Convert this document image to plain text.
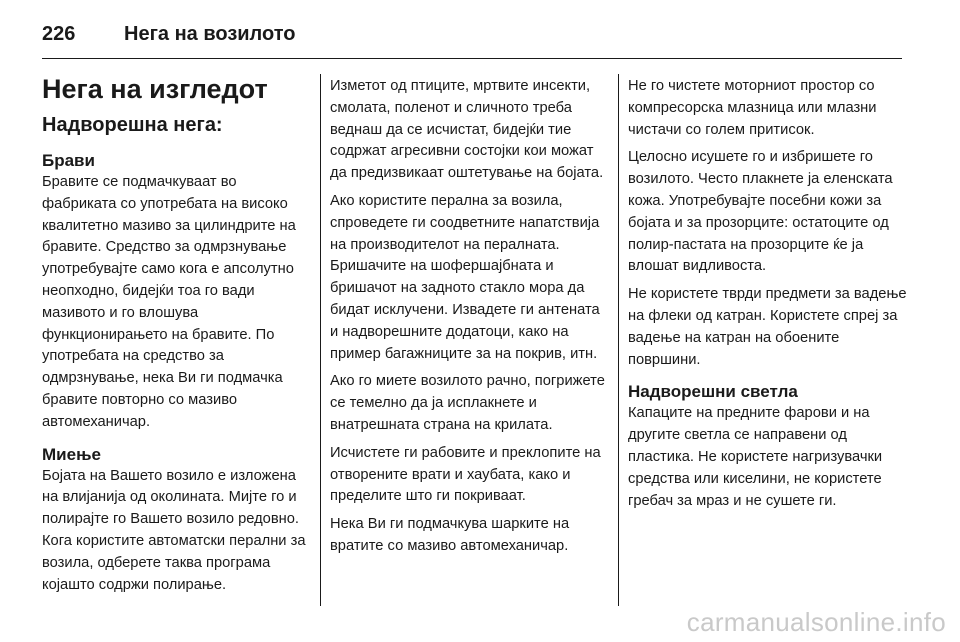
226	Нега на возилото
Нега на изгледот
Надворешна нега:
Брави

Бравите се подмачкуваат во фабриката со употребата на високо квалитетно мазиво за цилиндрите на бравите. Средство за одмрзнување употребувајте само кога е апсолутно неопходно, бидејќи тоа го вади мазивото и го влошува функционирањето на бравите. По употребата на средство за одмрзнување, нека Ви ги подмачка бравите повторно со мазиво автомеханичар.

Миење

Бојата на Вашето возило е изложена на влијанија од околината. Мијте го и полирајте го Вашето возило редовно. Кога користите автоматски перални за возила, одберете таква програма којашто содржи полирање.

Изметот од птиците, мртвите инсекти, смолата, поленот и сличното треба веднаш да се исчистат, бидејќи тие содржат агресивни состојки кои можат да предизвикаат оштетување на бојата.

Ако користите перална за возила, спроведете ги соодветните напатствија на производителот на пералната. Бришачите на шофершајбната и бришачот на задното стакло мора да бидат исклучени. Извадете ги антената и надворешните додатоци, како на пример багажниците за на покрив, итн.

Ако го миете возилото рачно, погрижете се темелно да ја исплакнете и внатрешната страна на крилата.

Исчистете ги рабовите и преклопите на отворените врати и хаубата, како и пределите што ги покриваат.

Нека Ви ги подмачкува шарките на вратите со мазиво автомеханичар.

Не го чистете моторниот простор со компресорска млазница или млазни чистачи со голем притисок.

Целосно исушете го и избришете го возилото. Често плакнете ја еленската кожа. Употребувајте посебни кожи за бојата и за прозорците: остатоците од полир-пастата на прозорците ќе ја влошат видливоста.

Не користете тврди предмети за вадење на флеки од катран. Користете спреј за вадење на катран на обоените површини.

Надворешни светла

Капаците на предните фарови и на другите светла се направени од пластика. Не користете нагризувачки средства или киселини, не користете гребач за мраз и не сушете ги.

carmanualsonline.info
